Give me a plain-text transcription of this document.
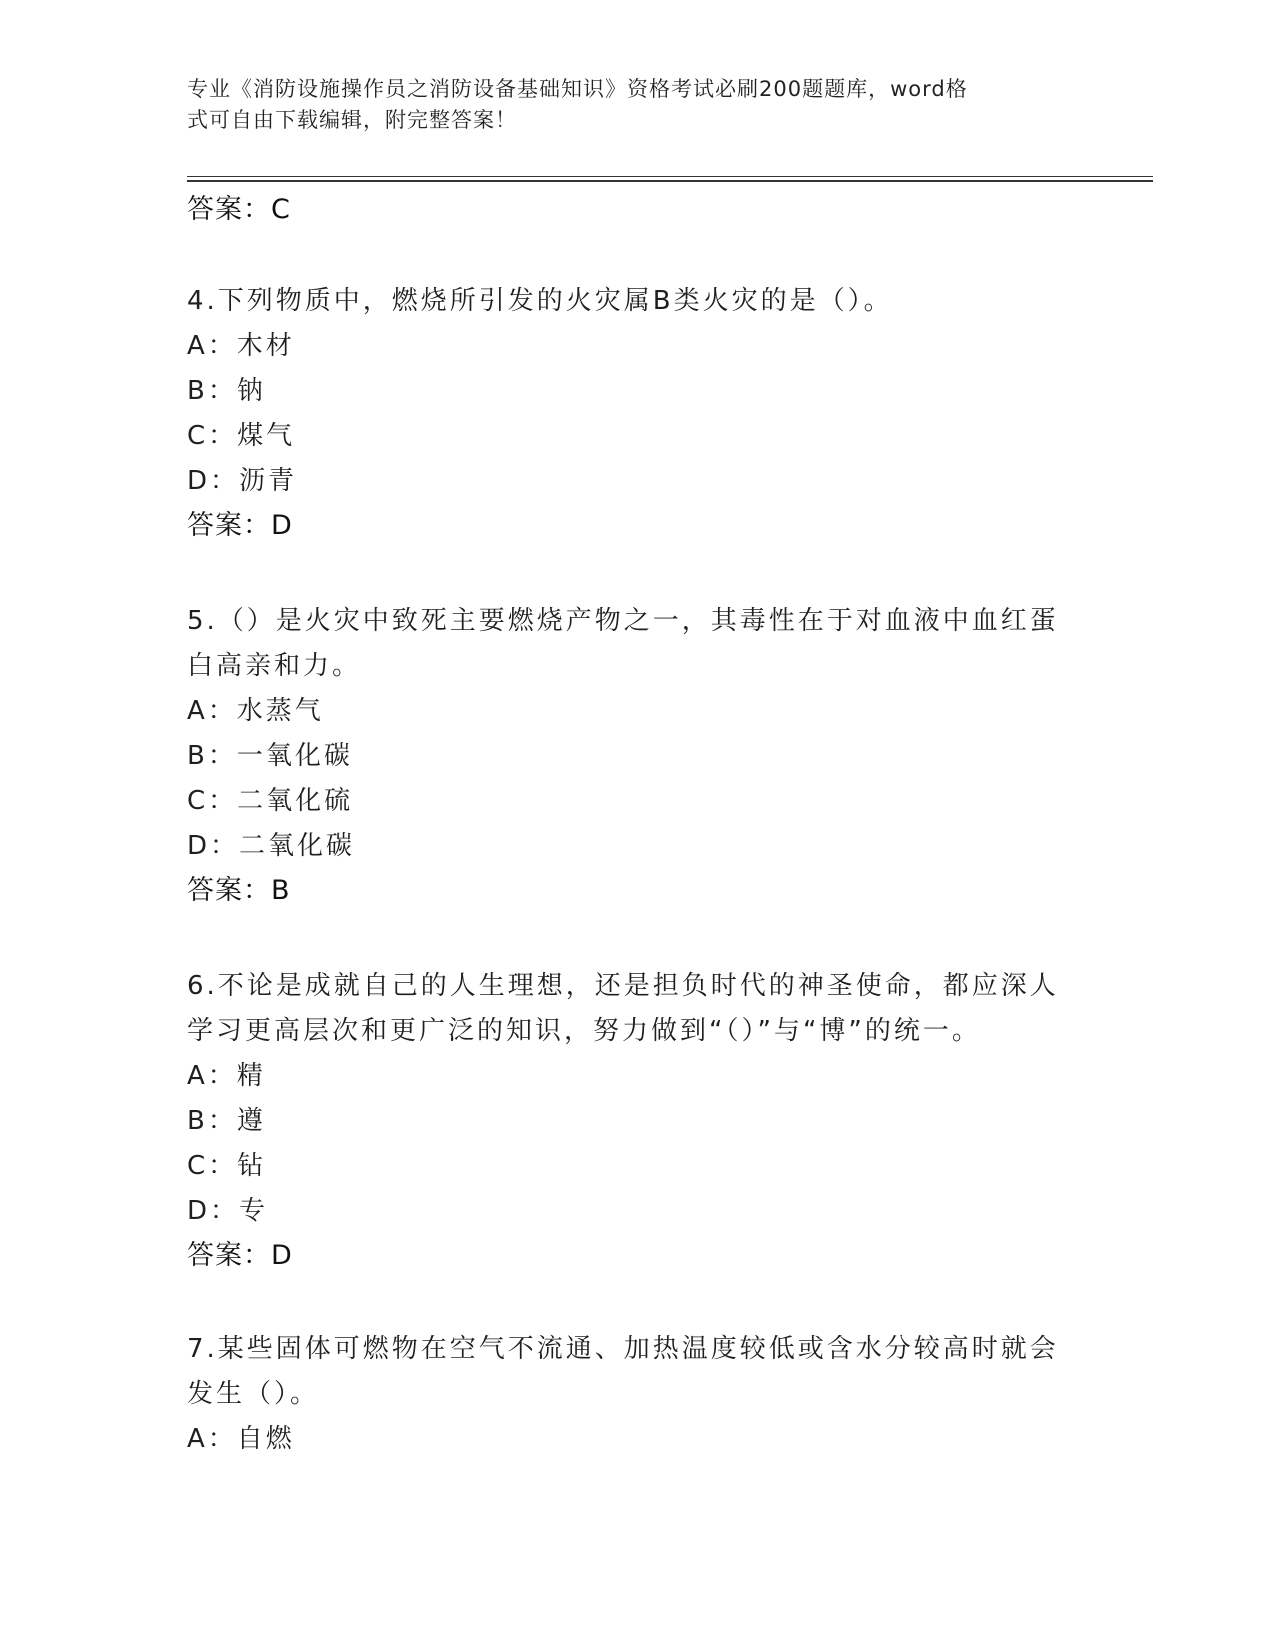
专业《消防设施操作员之消防设备基础知识》资格考试必刷200题题库，word格
式可自由下载编辑，附完整答案！
答案：C
4.下列物质中，燃烧所引发的火灾属B类火灾的是（）。
A：木材
B：钠
C：煤气
D：沥青
答案：D
5.（）是火灾中致死主要燃烧产物之一，其毒性在于对血液中血红蛋
白高亲和力。
A：水蒸气
B：一氧化碳
C：二氧化硫
D：二氧化碳
答案：B
6.不论是成就自己的人生理想，还是担负时代的神圣使命，都应深人
学习更高层次和更广泛的知识，努力做到“（）”与“博”的统一。
A：精
B：遵
C：钻
D：专
答案：D
7.某些固体可燃物在空气不流通、加热温度较低或含水分较高时就会
发生（）。
A：自燃
